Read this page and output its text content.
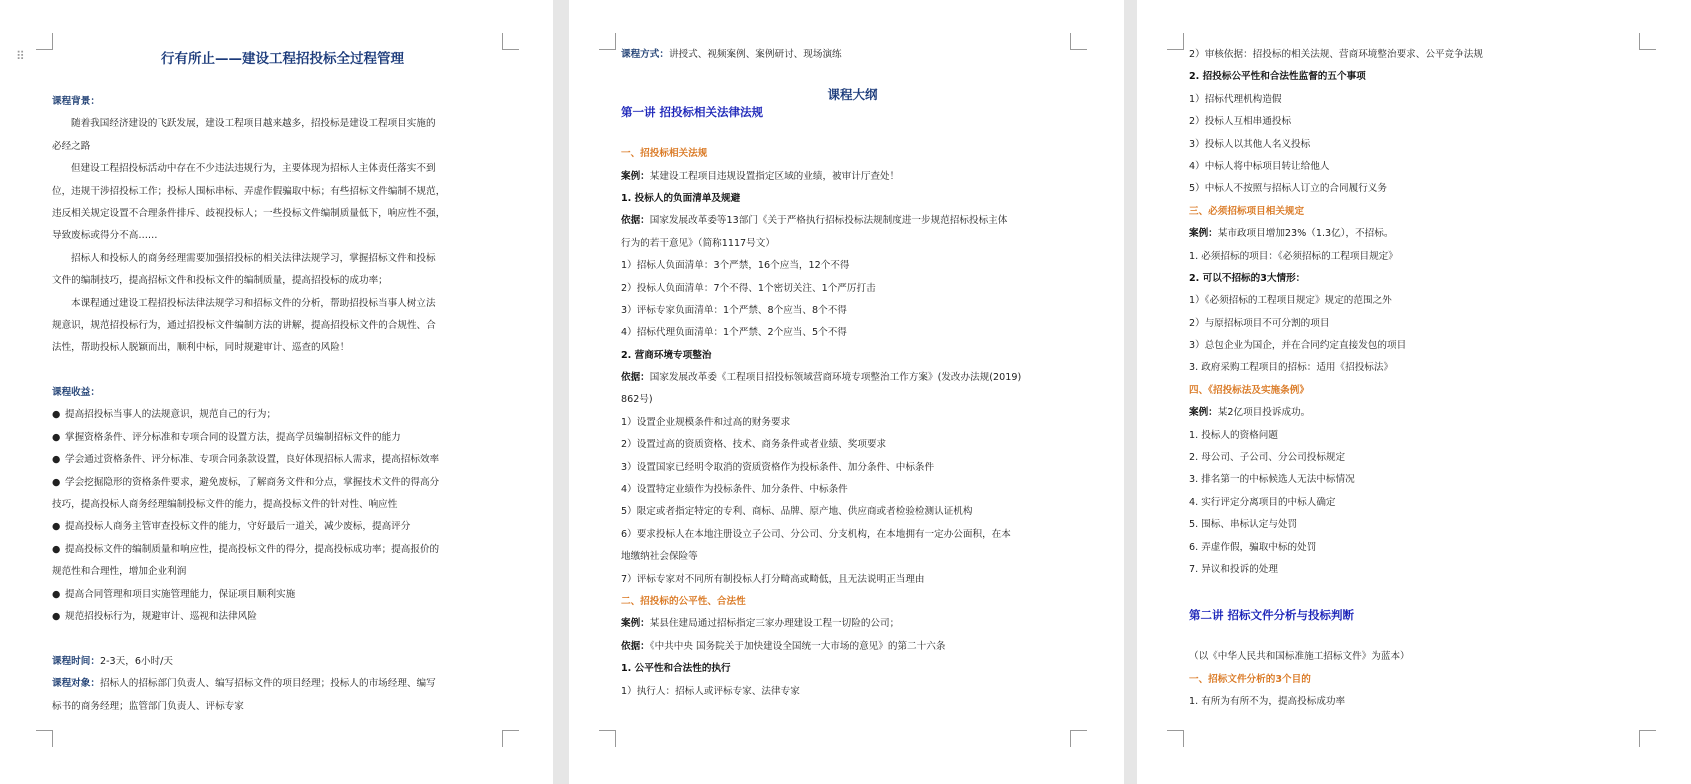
⠿	行有所止——建设工程招投标全过程管理
课程背景：
随着我国经济建设的飞跃发展，建设工程项目越来越多，招投标是建设工程项目实施的
必经之路
但建设工程招投标活动中存在不少违法违规行为，主要体现为招标人主体责任落实不到
位，违规干涉招投标工作；投标人围标串标、弄虚作假骗取中标；有些招标文件编制不规范，
违反相关规定设置不合理条件排斥、歧视投标人；一些投标文件编制质量低下，响应性不强，
导致废标或得分不高……
招标人和投标人的商务经理需要加强招投标的相关法律法规学习，掌握招标文件和投标
文件的编制技巧，提高招标文件和投标文件的编制质量，提高招投标的成功率；
本课程通过建设工程招投标法律法规学习和招标文件的分析，帮助招投标当事人树立法
规意识，规范招投标行为，通过招投标文件编制方法的讲解，提高招投标文件的合规性、合
法性，帮助投标人脱颖而出，顺利中标，同时规避审计、巡查的风险！
课程收益：
● 提高招投标当事人的法规意识，规范自己的行为；
● 掌握资格条件、评分标准和专项合同的设置方法，提高学员编制招标文件的能力
● 学会通过资格条件、评分标准、专项合同条款设置，良好体现招标人需求，提高招标效率
● 学会挖掘隐形的资格条件要求，避免废标，了解商务文件和分点，掌握技术文件的得高分
技巧，提高投标人商务经理编制投标文件的能力，提高投标文件的针对性、响应性
● 提高投标人商务主管审查投标文件的能力，守好最后一道关，减少废标，提高评分
● 提高投标文件的编制质量和响应性，提高投标文件的得分，提高投标成功率；提高报价的
规范性和合理性，增加企业利润
● 提高合同管理和项目实施管理能力，保证项目顺利实施
● 规范招投标行为，规避审计、巡视和法律风险
课程时间：2-3天，6小时/天
课程对象：招标人的招标部门负责人、编写招标文件的项目经理；投标人的市场经理、编写
标书的商务经理；监管部门负责人、评标专家
课程方式：讲授式、视频案例、案例研讨、现场演练
课程大纲
第一讲 招投标相关法律法规
一、招投标相关法规
案例：某建设工程项目违规设置指定区域的业绩，被审计厅查处！
1. 投标人的负面清单及规避
依据：国家发展改革委等13部门《关于严格执行招标投标法规制度进一步规范招标投标主体
行为的若干意见》（简称1117号文）
1）招标人负面清单：3个严禁，16个应当，12个不得
2）投标人负面清单：7个不得、1个密切关注、1个严厉打击
3）评标专家负面清单：1个严禁、8个应当、8个不得
4）招标代理负面清单：1个严禁、2个应当、5个不得
2. 营商环境专项整治
依据：国家发展改革委《工程项目招投标领域营商环境专项整治工作方案》(发改办法规(2019)
862号)
1）设置企业规模条件和过高的财务要求
2）设置过高的资质资格、技术、商务条件或者业绩、奖项要求
3）设置国家已经明令取消的资质资格作为投标条件、加分条件、中标条件
4）设置特定业绩作为投标条件、加分条件、中标条件
5）限定或者指定特定的专利、商标、品牌、原产地、供应商或者检验检测认证机构
6）要求投标人在本地注册设立子公司、分公司、分支机构，在本地拥有一定办公面积，在本
地缴纳社会保险等
7）评标专家对不同所有制投标人打分畸高或畸低，且无法说明正当理由
二、招投标的公平性、合法性
案例：某县住建局通过招标指定三家办理建设工程一切险的公司；
依据：《中共中央 国务院关于加快建设全国统一大市场的意见》的第二十六条
1. 公平性和合法性的执行
1）执行人：招标人或评标专家、法律专家
2）审核依据：招投标的相关法规、营商环境整治要求、公平竞争法规
2. 招投标公平性和合法性监督的五个事项
1）招标代理机构造假
2）投标人互相串通投标
3）投标人以其他人名义投标
4）中标人将中标项目转让给他人
5）中标人不按照与招标人订立的合同履行义务
三、必须招标项目相关规定
案例：某市政项目增加23%（1.3亿），不招标。
1. 必须招标的项目：《必须招标的工程项目规定》
2. 可以不招标的3大情形：
1）《必须招标的工程项目规定》规定的范围之外
2）与原招标项目不可分割的项目
3）总包企业为国企，并在合同约定直接发包的项目
3. 政府采购工程项目的招标：适用《招投标法》
四、《招投标法及实施条例》
案例：某2亿项目投诉成功。
1. 投标人的资格问题
2. 母公司、子公司、分公司投标规定
3. 排名第一的中标候选人无法中标情况
4. 实行评定分离项目的中标人确定
5. 围标、串标认定与处罚
6. 弄虚作假，骗取中标的处罚
7. 异议和投诉的处理
第二讲 招标文件分析与投标判断
（以《中华人民共和国标准施工招标文件》为蓝本）
一、招标文件分析的3个目的
1. 有所为有所不为，提高投标成功率
